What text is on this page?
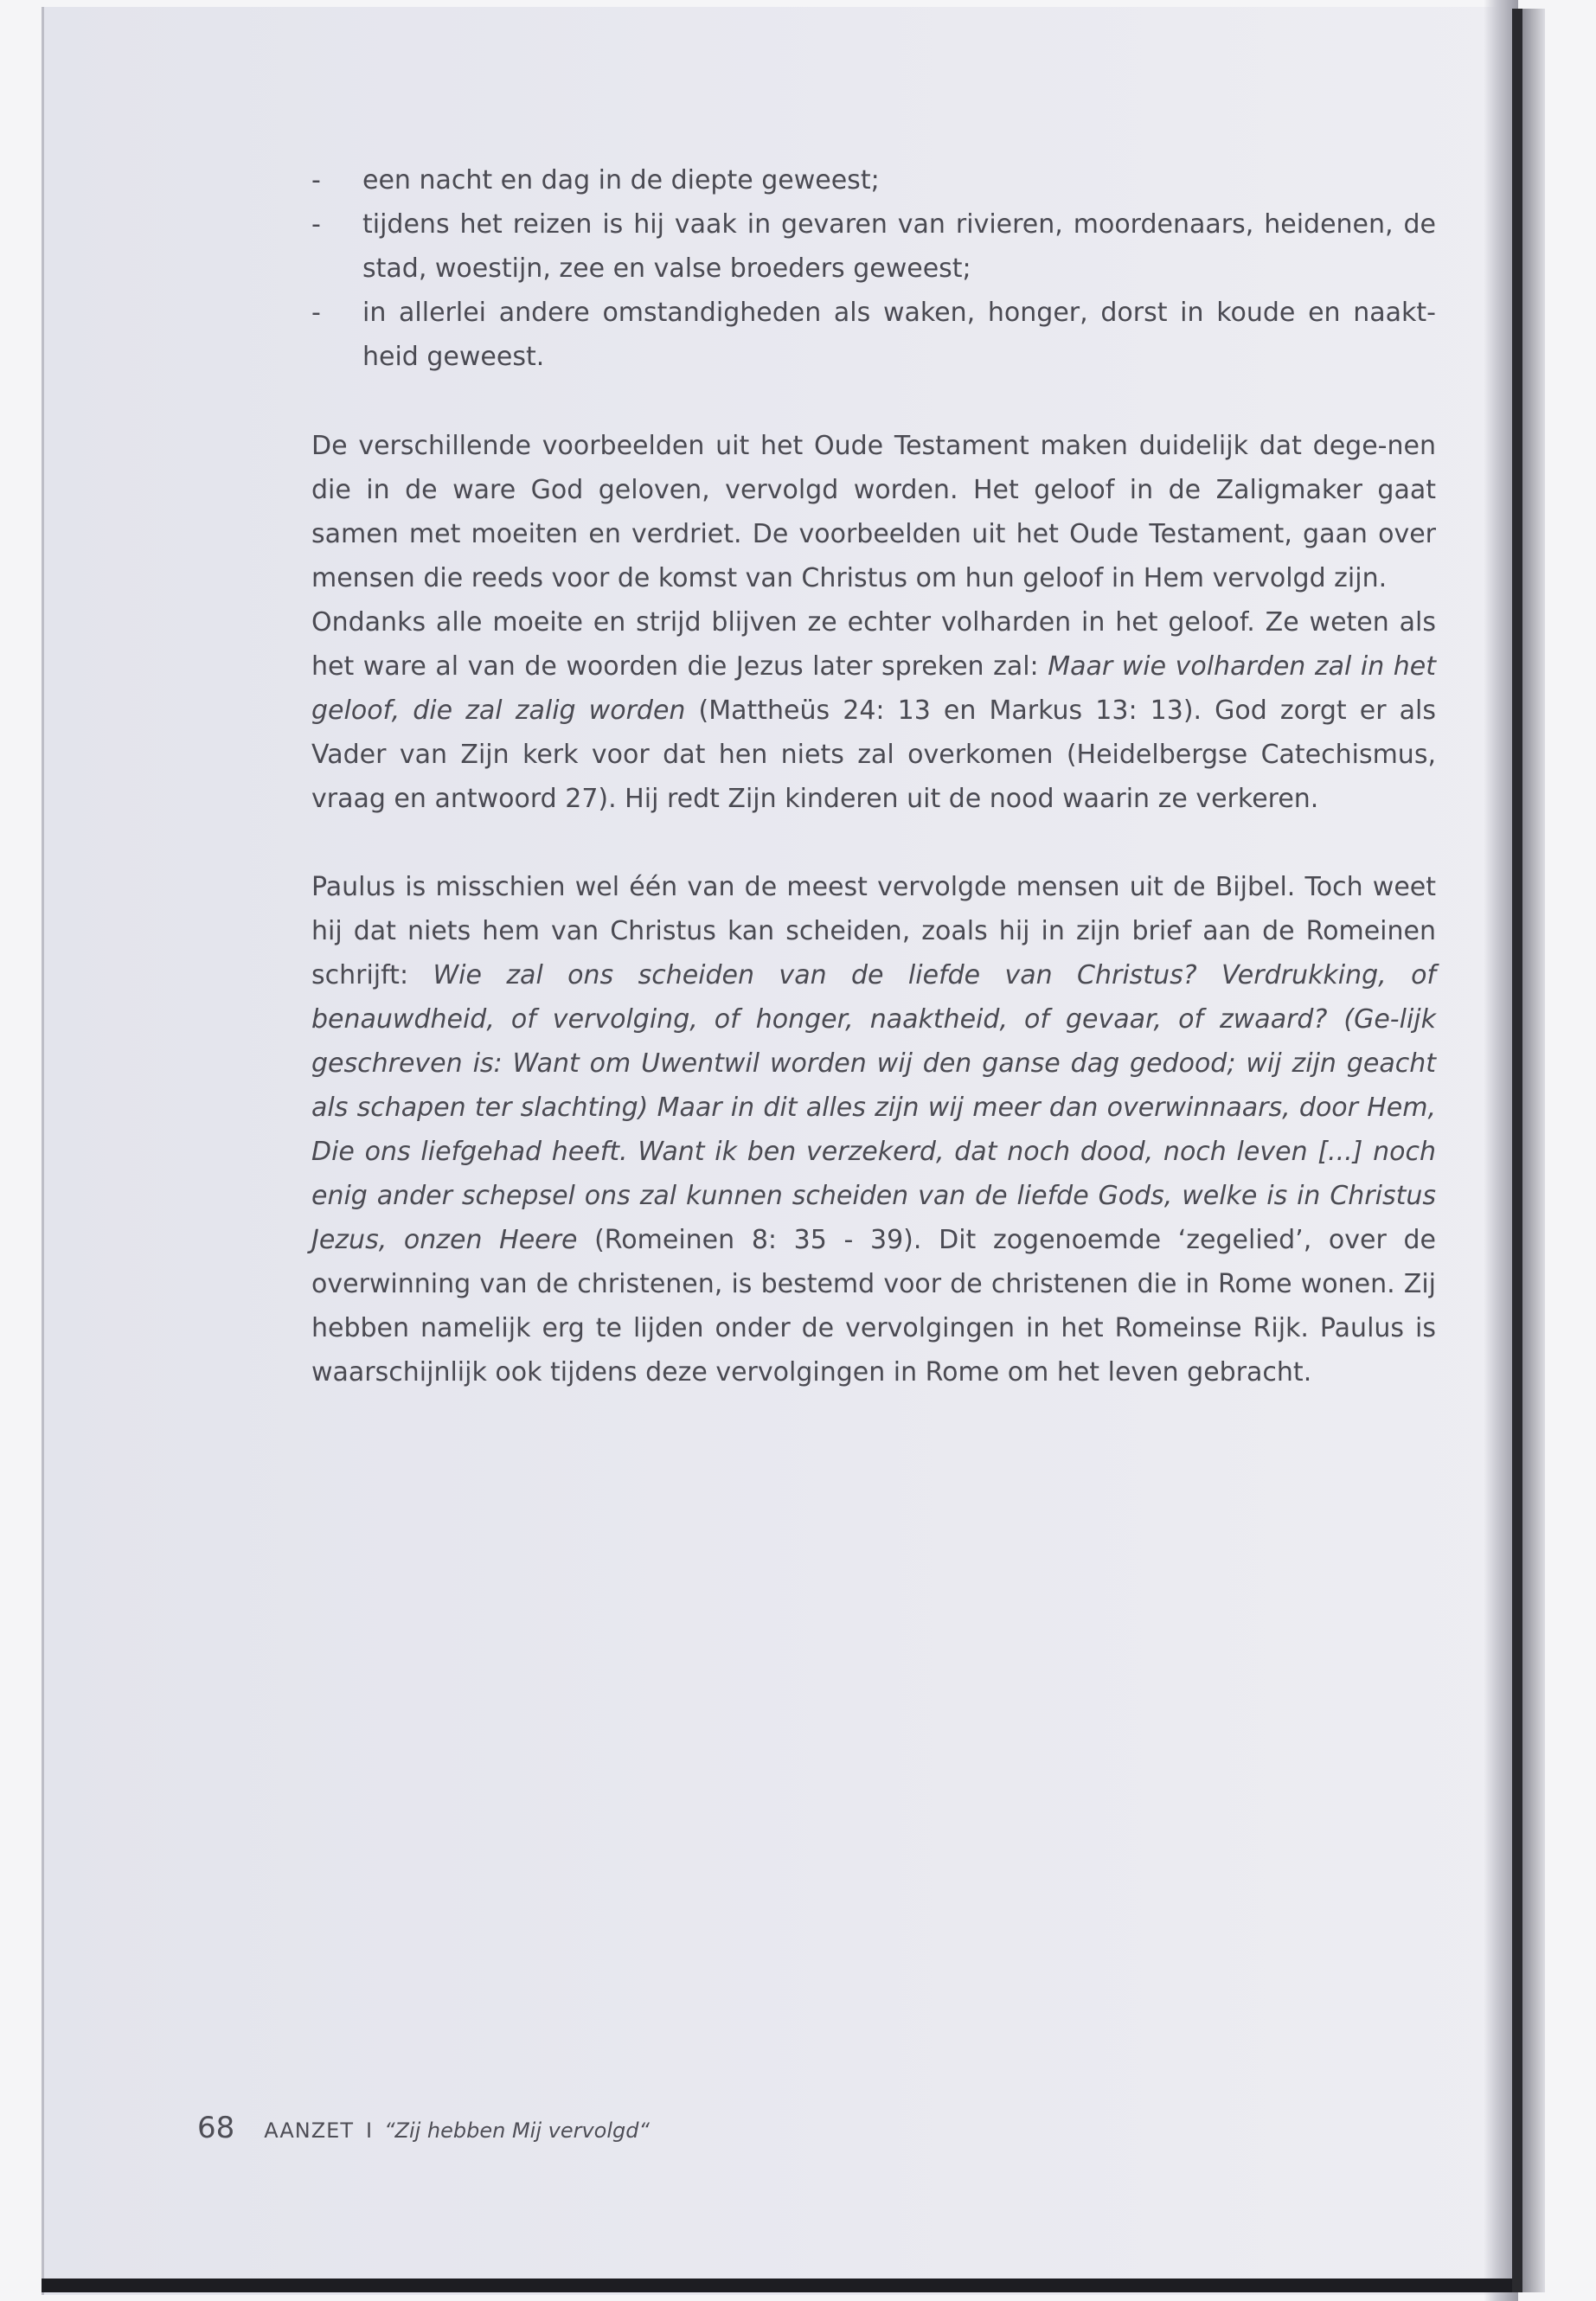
- een nacht en dag in de diepte geweest;
- tijdens het reizen is hij vaak in gevaren van rivieren, moordenaars, heidenen, de stad, woestijn, zee en valse broeders geweest;
- in allerlei andere omstandigheden als waken, honger, dorst in koude en naakt-heid geweest.

De verschillende voorbeelden uit het Oude Testament maken duidelijk dat dege-nen die in de ware God geloven, vervolgd worden. Het geloof in de Zaligmaker gaat samen met moeiten en verdriet. De voorbeelden uit het Oude Testament, gaan over mensen die reeds voor de komst van Christus om hun geloof in Hem vervolgd zijn.

Ondanks alle moeite en strijd blijven ze echter volharden in het geloof. Ze weten als het ware al van de woorden die Jezus later spreken zal: Maar wie volharden zal in het geloof, die zal zalig worden (Mattheüs 24: 13 en Markus 13: 13). God zorgt er als Vader van Zijn kerk voor dat hen niets zal overkomen (Heidelbergse Catechismus, vraag en antwoord 27). Hij redt Zijn kinderen uit de nood waarin ze verkeren.

Paulus is misschien wel één van de meest vervolgde mensen uit de Bijbel. Toch weet hij dat niets hem van Christus kan scheiden, zoals hij in zijn brief aan de Romeinen schrijft: Wie zal ons scheiden van de liefde van Christus? Verdrukking, of benauwdheid, of vervolging, of honger, naaktheid, of gevaar, of zwaard? (Ge-lijk geschreven is: Want om Uwentwil worden wij den ganse dag gedood; wij zijn geacht als schapen ter slachting) Maar in dit alles zijn wij meer dan overwinnaars, door Hem, Die ons liefgehad heeft. Want ik ben verzekerd, dat noch dood, noch leven [...] noch enig ander schepsel ons zal kunnen scheiden van de liefde Gods, welke is in Christus Jezus, onzen Heere (Romeinen 8: 35 - 39). Dit zogenoemde ‘zegelied’, over de overwinning van de christenen, is bestemd voor de christenen die in Rome wonen. Zij hebben namelijk erg te lijden onder de vervolgingen in het Romeinse Rijk. Paulus is waarschijnlijk ook tijdens deze vervolgingen in Rome om het leven gebracht.

68 AANZET I “Zij hebben Mij vervolgd“
